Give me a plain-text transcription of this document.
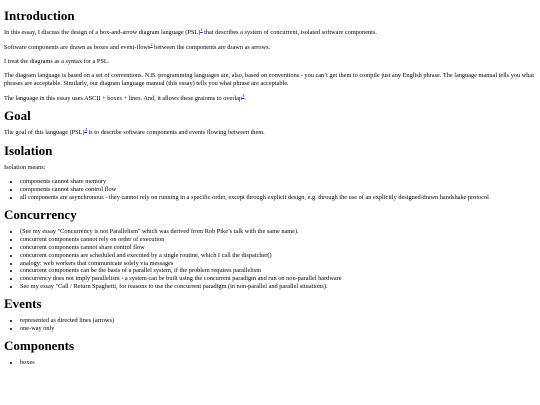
Introduction

In this essay, I discuss the design of a box-and-arrow diagram language (PSL)$^1$ that describes a system of concurrent, isolated software components.

Software components are drawn as boxes and event-flows$^2$ between the components are drawn as arrows.

I treat the diagrams as a syntax for a PSL.

The diagram language is based on a set of conventions. N.B. programming languages are, also, based on conventions - you can’t get them to compile just any English phrase. The language manual tells you what phrases are acceptable. Similarly, our diagram language manual (this essay) tells you what phrase are acceptable.

The language in this essay uses ASCII + boxes + lines. And, it allows these graioms to overlap$^3$.

Goal

The goal of this language (PSL)$^4$ is to describe software components and events flowing between them.

Isolation

Isolation means:

• components cannot share memory
• components cannot share control flow
• all components are asynchronous - they cannot rely on running in a specific order, except through explicit design, e.g. through the use of an explicitly designed/drawn handshake protocol
Concurrency
• (See my essay "Concurrency is not Parallelism" which was derived from Rob Pike’s talk with the same name).
• concurrent components cannot rely on order of execution
• concurrent components cannot share control flow
• concurrent components are scheduled and executed by a single routine, which I call the dispatcher()
• analogy: web workers that communicate solely via messages
• concurrent components can be the basis of a parallel system, if the problem requires parallelism
• concurrency does not imply parallelism - a system can be built using the concurrent paradigm and run on non-parallel hardware
• See my essay "Call / Return Spaghetti, for reasons to use the concurrent paradigm (in non-parallel and parallel situations).
Events
• represented as directed lines (arrows)
• one-way only
Components
• boxes
